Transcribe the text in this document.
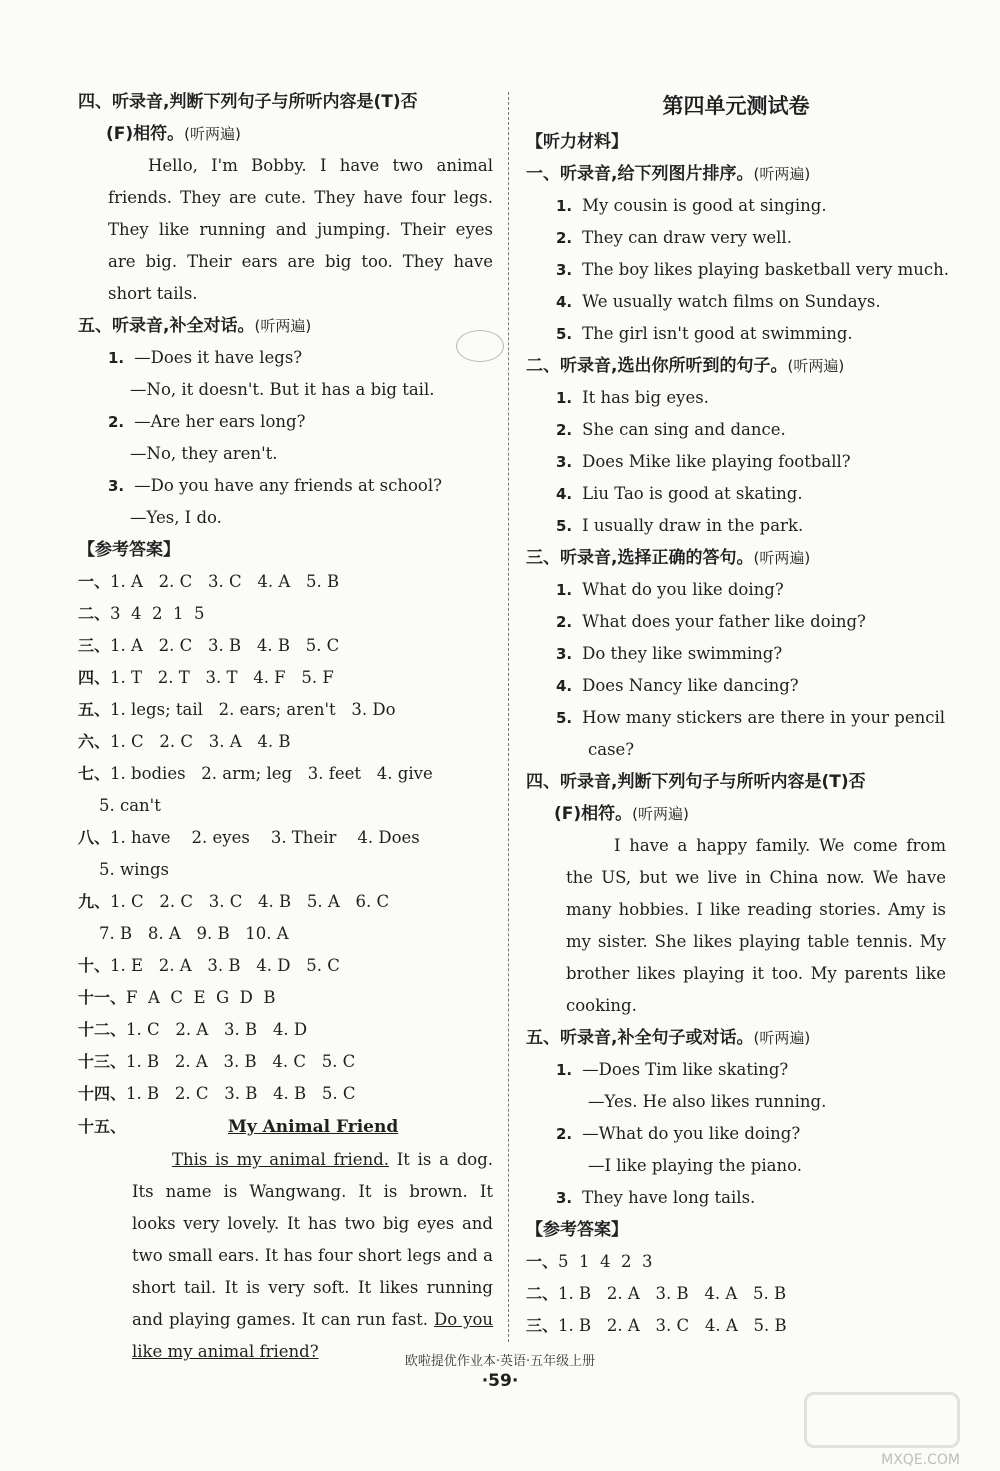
四、听录音,判断下列句子与所听内容是(T)否
(F)相符。(听两遍)
Hello, I'm Bobby. I have two animal friends. They are cute. They have four legs. They like running and jumping. Their eyes are big. Their ears are big too. They have short tails.
五、听录音,补全对话。(听两遍)
1. —Does it have legs?
—No, it doesn't. But it has a big tail.
2. —Are her ears long?
—No, they aren't.
3. —Do you have any friends at school?
—Yes, I do.
【参考答案】
一、1. A   2. C   3. C   4. A   5. B
二、3  4  2  1  5
三、1. A   2. C   3. B   4. B   5. C
四、1. T   2. T   3. T   4. F   5. F
五、1. legs; tail   2. ears; aren't   3. Do
六、1. C   2. C   3. A   4. B
七、1. bodies   2. arm; leg   3. feet   4. give
5. can't
八、1. have    2. eyes    3. Their    4. Does
5. wings
九、1. C   2. C   3. C   4. B   5. A   6. C
7. B   8. A   9. B   10. A
十、1. E   2. A   3. B   4. D   5. C
十一、F  A  C  E  G  D  B
十二、1. C   2. A   3. B   4. D
十三、1. B   2. A   3. B   4. C   5. C
十四、1. B   2. C   3. B   4. B   5. C
十五、	My Animal Friend
This is my animal friend. It is a dog. Its name is Wangwang. It is brown. It looks very lovely. It has two big eyes and two small ears. It has four short legs and a short tail. It is very soft. It likes running and playing games. It can run fast. Do you like my animal friend?
第四单元测试卷
【听力材料】
一、听录音,给下列图片排序。(听两遍)
1. My cousin is good at singing.
2. They can draw very well.
3. The boy likes playing basketball very much.
4. We usually watch films on Sundays.
5. The girl isn't good at swimming.
二、听录音,选出你所听到的句子。(听两遍)
1. It has big eyes.
2. She can sing and dance.
3. Does Mike like playing football?
4. Liu Tao is good at skating.
5. I usually draw in the park.
三、听录音,选择正确的答句。(听两遍)
1. What do you like doing?
2. What does your father like doing?
3. Do they like swimming?
4. Does Nancy like dancing?
5. How many stickers are there in your pencil
case?
四、听录音,判断下列句子与所听内容是(T)否
(F)相符。(听两遍)
I have a happy family. We come from the US, but we live in China now. We have many hobbies. I like reading stories. Amy is my sister. She likes playing table tennis. My brother likes playing it too. My parents like cooking.
五、听录音,补全句子或对话。(听两遍)
1. —Does Tim like skating?
—Yes. He also likes running.
2. —What do you like doing?
—I like playing the piano.
3. They have long tails.
【参考答案】
一、5  1  4  2  3
二、1. B   2. A   3. B   4. A   5. B
三、1. B   2. A   3. C   4. A   5. B
欧啦提优作业本·英语·五年级上册
·59·
MXQE.COM
